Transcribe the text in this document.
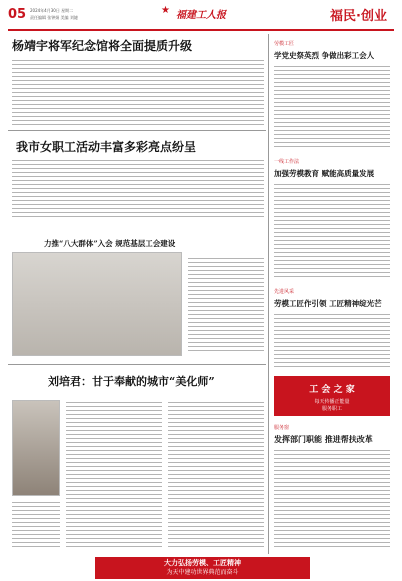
05 2024年4月30日 星期二
责任编辑 张钟娟 美编 刘婕
★ 福建工人报	福民·创业
杨靖宇将军纪念馆将全面提质升级
我市女职工活动丰富多彩亮点纷呈
力推“八大群体”入会 规范基层工会建设
刘培君：甘于奉献的城市“美化师”
劳模工匠
学党史祭英烈 争做出彩工会人
一线工作法
加强劳模教育 赋能高质量发展
先进风采
劳模工匠作引领 工匠精神绽光芒
工 会 之 家
每天传播正能量
服务职工
服务窗
发挥部门职能 推进帮扶改革
大力弘扬劳模、工匠精神
为天中建功世界典范而奋斗
